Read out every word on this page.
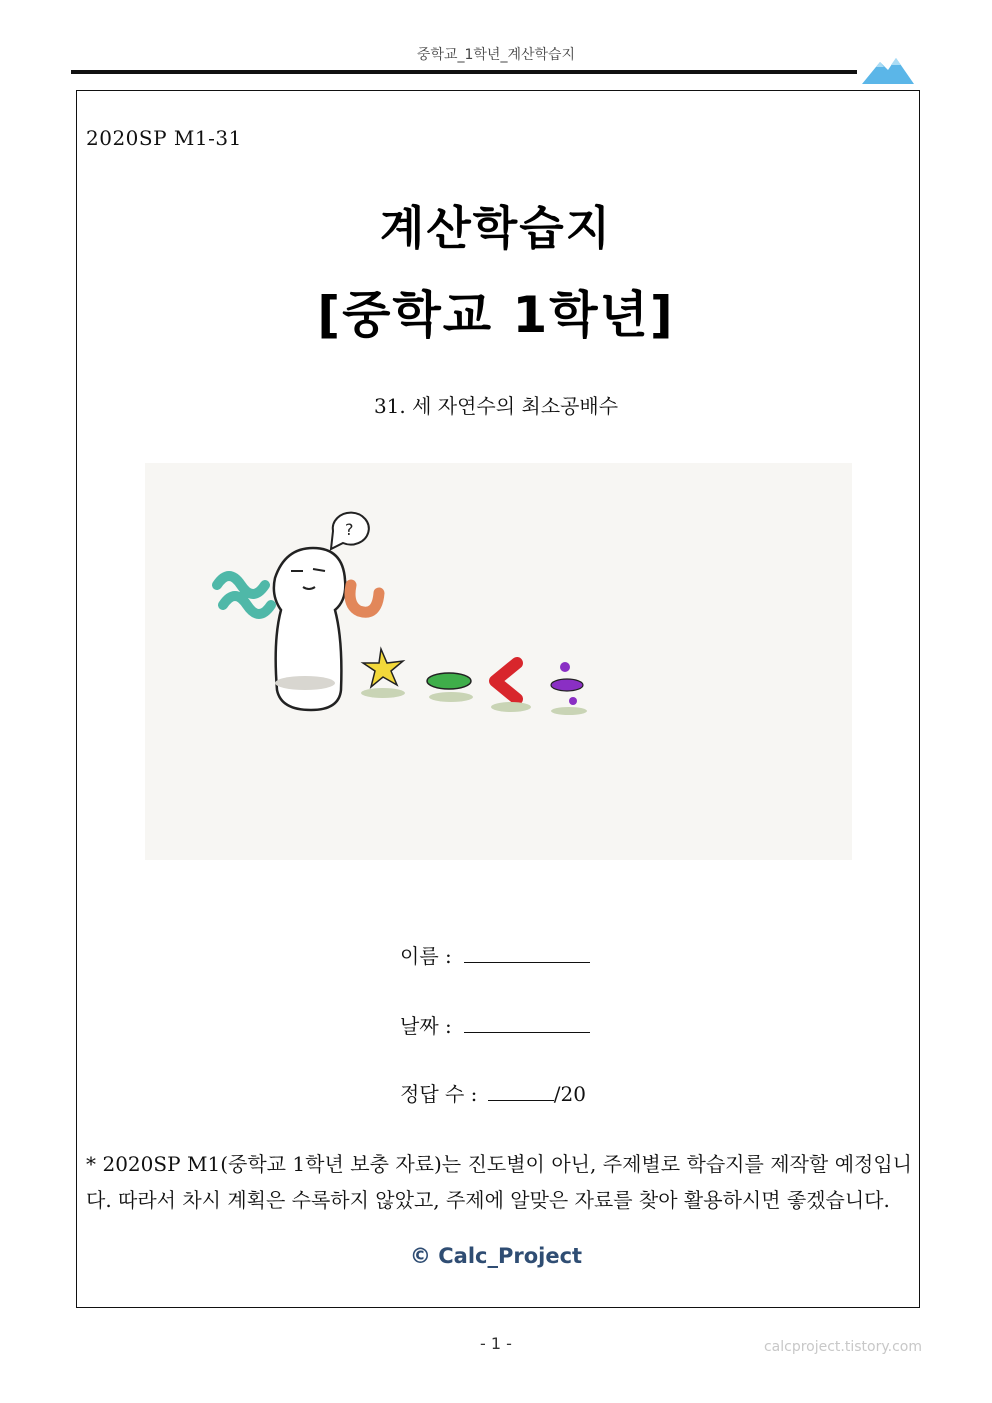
중학교_1학년_계산학습지
2020SP M1-31
계산학습지
[중학교 1학년]
31. 세 자연수의 최소공배수
?
이름 :
날짜 :
정답 수 :	/20
* 2020SP M1(중학교 1학년 보충 자료)는 진도별이 아닌, 주제별로 학습지를 제작할 예정입니다. 따라서 차시 계획은 수록하지 않았고, 주제에 알맞은 자료를 찾아 활용하시면 좋겠습니다.
© Calc_Project
- 1 -	calcproject.tistory.com
